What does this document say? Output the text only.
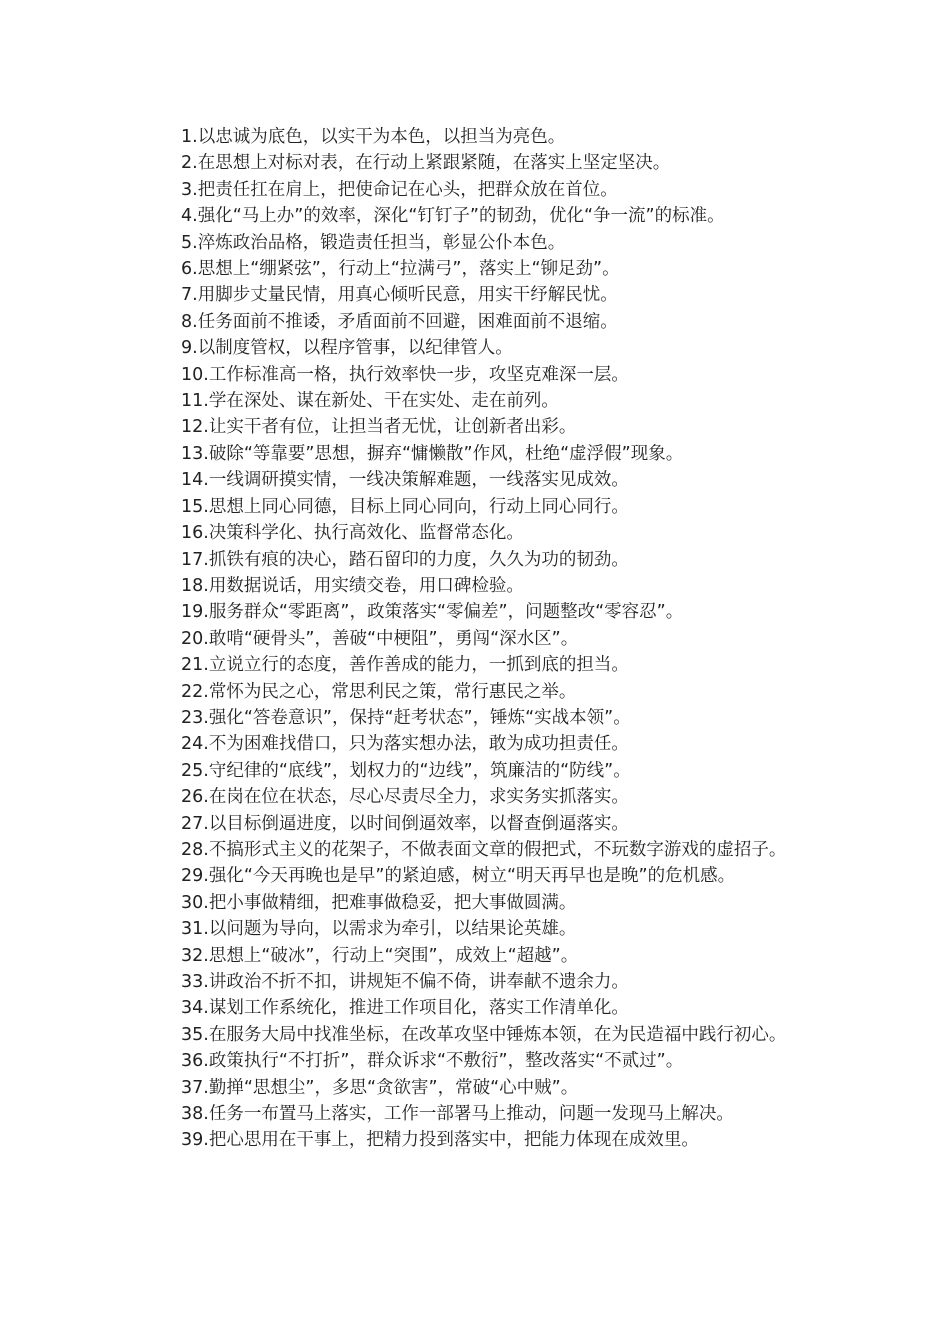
1.以忠诚为底色，以实干为本色，以担当为亮色。

2.在思想上对标对表，在行动上紧跟紧随，在落实上坚定坚决。

3.把责任扛在肩上，把使命记在心头，把群众放在首位。

4.强化“马上办”的效率，深化“钉钉子”的韧劲，优化“争一流”的标准。

5.淬炼政治品格，锻造责任担当，彰显公仆本色。

6.思想上“绷紧弦”，行动上“拉满弓”，落实上“铆足劲”。

7.用脚步丈量民情，用真心倾听民意，用实干纾解民忧。

8.任务面前不推诿，矛盾面前不回避，困难面前不退缩。

9.以制度管权，以程序管事，以纪律管人。

10.工作标准高一格，执行效率快一步，攻坚克难深一层。

11.学在深处、谋在新处、干在实处、走在前列。

12.让实干者有位，让担当者无忧，让创新者出彩。

13.破除“等靠要”思想，摒弃“慵懒散”作风，杜绝“虚浮假”现象。

14.一线调研摸实情，一线决策解难题，一线落实见成效。

15.思想上同心同德，目标上同心同向，行动上同心同行。

16.决策科学化、执行高效化、监督常态化。

17.抓铁有痕的决心，踏石留印的力度，久久为功的韧劲。

18.用数据说话，用实绩交卷，用口碑检验。

19.服务群众“零距离”，政策落实“零偏差”，问题整改“零容忍”。

20.敢啃“硬骨头”，善破“中梗阻”，勇闯“深水区”。

21.立说立行的态度，善作善成的能力，一抓到底的担当。

22.常怀为民之心，常思利民之策，常行惠民之举。

23.强化“答卷意识”，保持“赶考状态”，锤炼“实战本领”。

24.不为困难找借口，只为落实想办法，敢为成功担责任。

25.守纪律的“底线”，划权力的“边线”，筑廉洁的“防线”。

26.在岗在位在状态，尽心尽责尽全力，求实务实抓落实。

27.以目标倒逼进度，以时间倒逼效率，以督查倒逼落实。

28.不搞形式主义的花架子，不做表面文章的假把式，不玩数字游戏的虚招子。

29.强化“今天再晚也是早”的紧迫感，树立“明天再早也是晚”的危机感。

30.把小事做精细，把难事做稳妥，把大事做圆满。

31.以问题为导向，以需求为牵引，以结果论英雄。

32.思想上“破冰”，行动上“突围”，成效上“超越”。

33.讲政治不折不扣，讲规矩不偏不倚，讲奉献不遗余力。

34.谋划工作系统化，推进工作项目化，落实工作清单化。

35.在服务大局中找准坐标，在改革攻坚中锤炼本领，在为民造福中践行初心。

36.政策执行“不打折”，群众诉求“不敷衍”，整改落实“不贰过”。

37.勤掸“思想尘”，多思“贪欲害”，常破“心中贼”。

38.任务一布置马上落实，工作一部署马上推动，问题一发现马上解决。

39.把心思用在干事上，把精力投到落实中，把能力体现在成效里。
